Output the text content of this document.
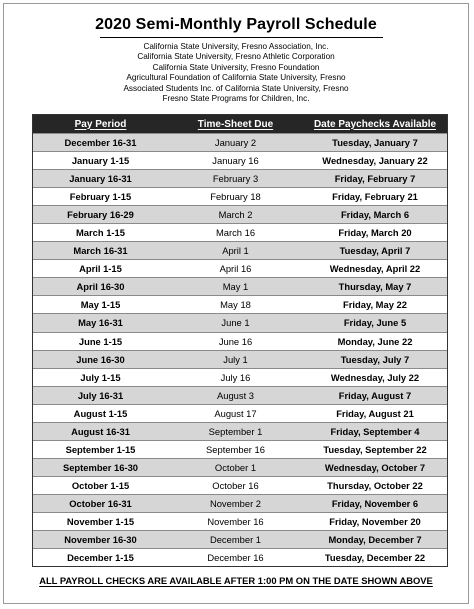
2020 Semi-Monthly Payroll Schedule
California State University, Fresno Association, Inc.
California State University, Fresno Athletic Corporation
California State University, Fresno Foundation
Agricultural Foundation of California State University, Fresno
Associated Students Inc. of California State University, Fresno
Fresno State Programs for Children, Inc.
Pay Period	Time-Sheet Due	Date Paychecks Available
December 16-31	January 2	Tuesday, January 7
January 1-15	January 16	Wednesday, January 22
January 16-31	February 3	Friday, February 7
February 1-15	February 18	Friday, February 21
February 16-29	March 2	Friday, March 6
March 1-15	March 16	Friday, March 20
March 16-31	April 1	Tuesday, April 7
April 1-15	April 16	Wednesday, April 22
April 16-30	May 1	Thursday, May 7
May 1-15	May 18	Friday, May 22
May 16-31	June 1	Friday, June 5
June 1-15	June 16	Monday, June 22
June 16-30	July 1	Tuesday, July 7
July 1-15	July 16	Wednesday, July 22
July 16-31	August 3	Friday, August 7
August 1-15	August 17	Friday, August 21
August 16-31	September 1	Friday, September 4
September 1-15	September 16	Tuesday, September 22
September 16-30	October 1	Wednesday, October 7
October 1-15	October 16	Thursday, October 22
October 16-31	November 2	Friday, November 6
November 1-15	November 16	Friday, November 20
November 16-30	December 1	Monday, December 7
December 1-15	December 16	Tuesday, December 22
ALL PAYROLL CHECKS ARE AVAILABLE AFTER 1:00 PM ON THE DATE SHOWN ABOVE
